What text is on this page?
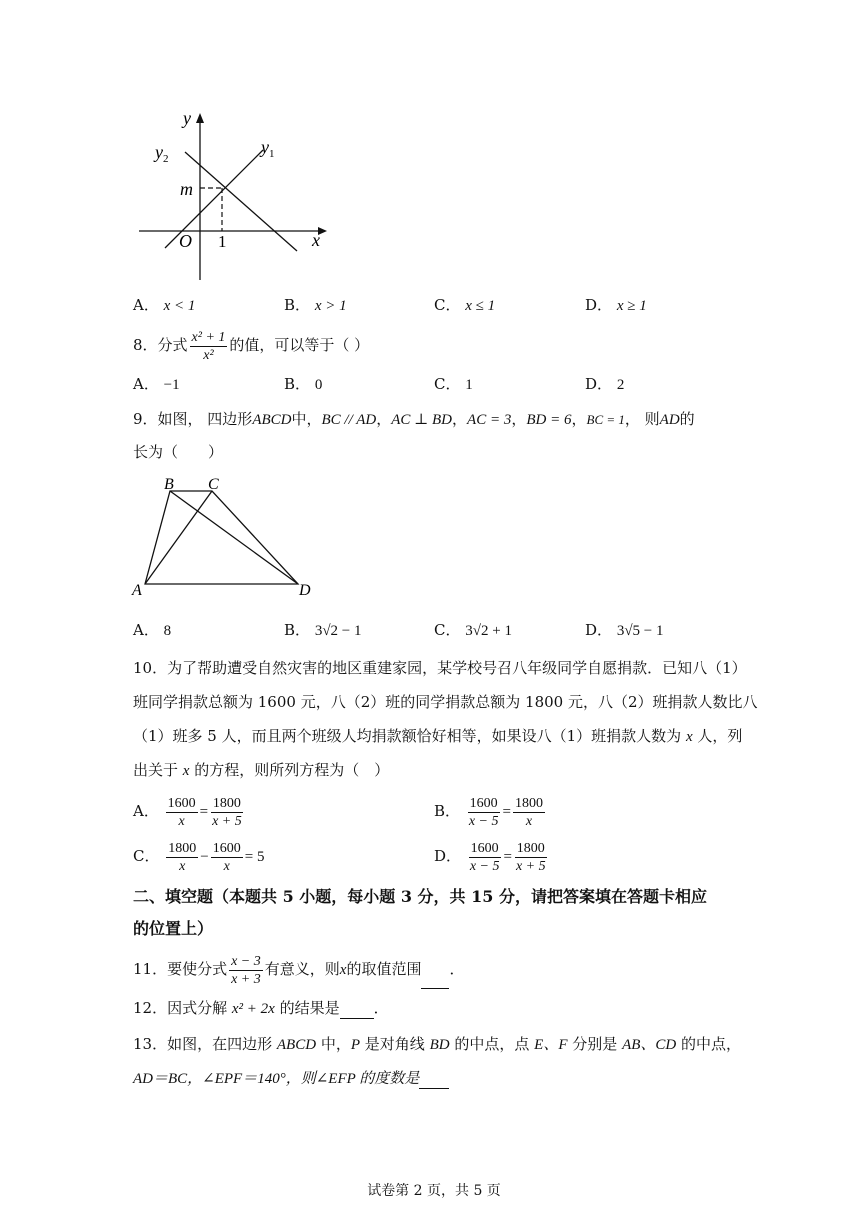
y
$y_2$
$y_1$
m
O 1	x
A． x < 1	B． x > 1	C． x ≤ 1	D． x ≥ 1
8．分式 $\frac{\text{x² + 1}}{\text{x²}}$ 的值，可以等于（ ）
A． −1	B． 0	C． 1	D． 2
9．如图， 四边形ABCD中，BC // AD，AC ⊥ BD，AC = 3，BD = 6，BC = 1， 则AD的
长为（　　）
B C
A	D
A． 8	B． 3√2 − 1	C． 3√2 + 1	D． 3√5 − 1
10．为了帮助遭受自然灾害的地区重建家园，某学校号召八年级同学自愿捐款．已知八（1）
班同学捐款总额为 1600 元，八（2）班的同学捐款总额为 1800 元，八（2）班捐款人数比八
（1）班多 5 人，而且两个班级人均捐款额恰好相等，如果设八（1）班捐款人数为 x 人，列
出关于 x 的方程，则所列方程为（　）
A． $\frac{1600}{x} = \frac{1800}{x + 5}$	B． $\frac{1600}{x - 5} = \frac{1800}{x}$
C． $\frac{1800}{x} - \frac{1600}{x} = 5$	D． $\frac{1600}{x - 5} = \frac{1800}{x + 5}$
二、填空题（本题共 5 小题，每小题 3 分，共 15 分，请把答案填在答题卡相应
的位置上）
11．要使分式 $\frac{x - 3}{x + 3}$ 有意义，则x的取值范围 ．
12．因式分解 x² + 2x 的结果是 ．
13．如图，在四边形 ABCD 中，P 是对角线 BD 的中点，点 E、F 分别是 AB、CD 的中点，
AD＝BC，∠EPF＝140°，则∠EFP 的度数是
试卷第 2 页，共 5 页
